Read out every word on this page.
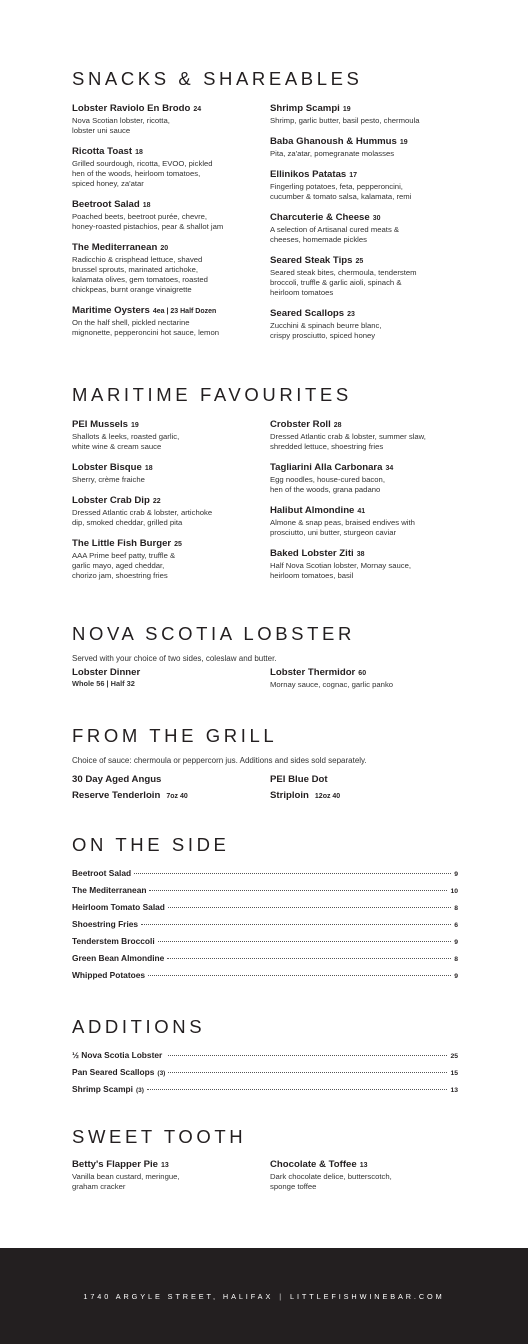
SNACKS & SHAREABLES
Lobster Raviolo En Brodo 24
Nova Scotian lobster, ricotta,
lobster uni sauce
Ricotta Toast 18
Grilled sourdough, ricotta, EVOO, pickled
hen of the woods, heirloom tomatoes,
spiced honey, za'atar
Beetroot Salad 18
Poached beets, beetroot purée, chevre,
honey-roasted pistachios, pear & shallot jam
The Mediterranean 20
Radicchio & crisphead lettuce, shaved
brussel sprouts, marinated artichoke,
kalamata olives, gem tomatoes, roasted
chickpeas, burnt orange vinaigrette
Maritime Oysters 4ea | 23 Half Dozen
On the half shell, pickled nectarine
mignonette, pepperoncini hot sauce, lemon
Shrimp Scampi 19
Shrimp, garlic butter, basil pesto, chermoula
Baba Ghanoush & Hummus 19
Pita, za'atar, pomegranate molasses
Ellinikos Patatas 17
Fingerling potatoes, feta, pepperoncini,
cucumber & tomato salsa, kalamata, remi
Charcuterie & Cheese 30
A selection of Artisanal cured meats &
cheeses, homemade pickles
Seared Steak Tips 25
Seared steak bites, chermoula, tenderstem
broccoli, truffle & garlic aioli, spinach &
heirloom tomatoes
Seared Scallops 23
Zucchini & spinach beurre blanc,
crispy prosciutto, spiced honey
MARITIME FAVOURITES
PEI Mussels 19
Shallots & leeks, roasted garlic,
white wine & cream sauce
Lobster Bisque 18
Sherry, crème fraiche
Lobster Crab Dip 22
Dressed Atlantic crab & lobster, artichoke
dip, smoked cheddar, grilled pita
The Little Fish Burger 25
AAA Prime beef patty, truffle &
garlic mayo, aged cheddar,
chorizo jam, shoestring fries
Crobster Roll 28
Dressed Atlantic crab & lobster, summer slaw,
shredded lettuce, shoestring fries
Tagliarini Alla Carbonara 34
Egg noodles, house-cured bacon,
hen of the woods, grana padano
Halibut Almondine 41
Almone & snap peas, braised endives with
prosciutto, uni butter, sturgeon caviar
Baked Lobster Ziti 38
Half Nova Scotian lobster, Mornay sauce,
heirloom tomatoes, basil
NOVA SCOTIA LOBSTER
Served with your choice of two sides, coleslaw and butter.
Lobster Dinner
Whole 56 | Half 32
Lobster Thermidor 60
Mornay sauce, cognac, garlic panko
FROM THE GRILL
Choice of sauce: chermoula or peppercorn jus. Additions and sides sold separately.
30 Day Aged Angus
Reserve Tenderloin 7oz 40
PEI Blue Dot
Striploin 12oz 40
ON THE SIDE
Beetroot Salad	9
The Mediterranean	10
Heirloom Tomato Salad	8
Shoestring Fries	6
Tenderstem Broccoli	9
Green Bean Almondine	8
Whipped Potatoes	9
ADDITIONS
½ Nova Scotia Lobster	25
Pan Seared Scallops (3)	15
Shrimp Scampi (3)	13
SWEET TOOTH
Betty's Flapper Pie 13
Vanilla bean custard, meringue,
graham cracker
Chocolate & Toffee 13
Dark chocolate delice, butterscotch,
sponge toffee
1740 ARGYLE STREET, HALIFAX | LITTLEFISHWINEBAR.COM
